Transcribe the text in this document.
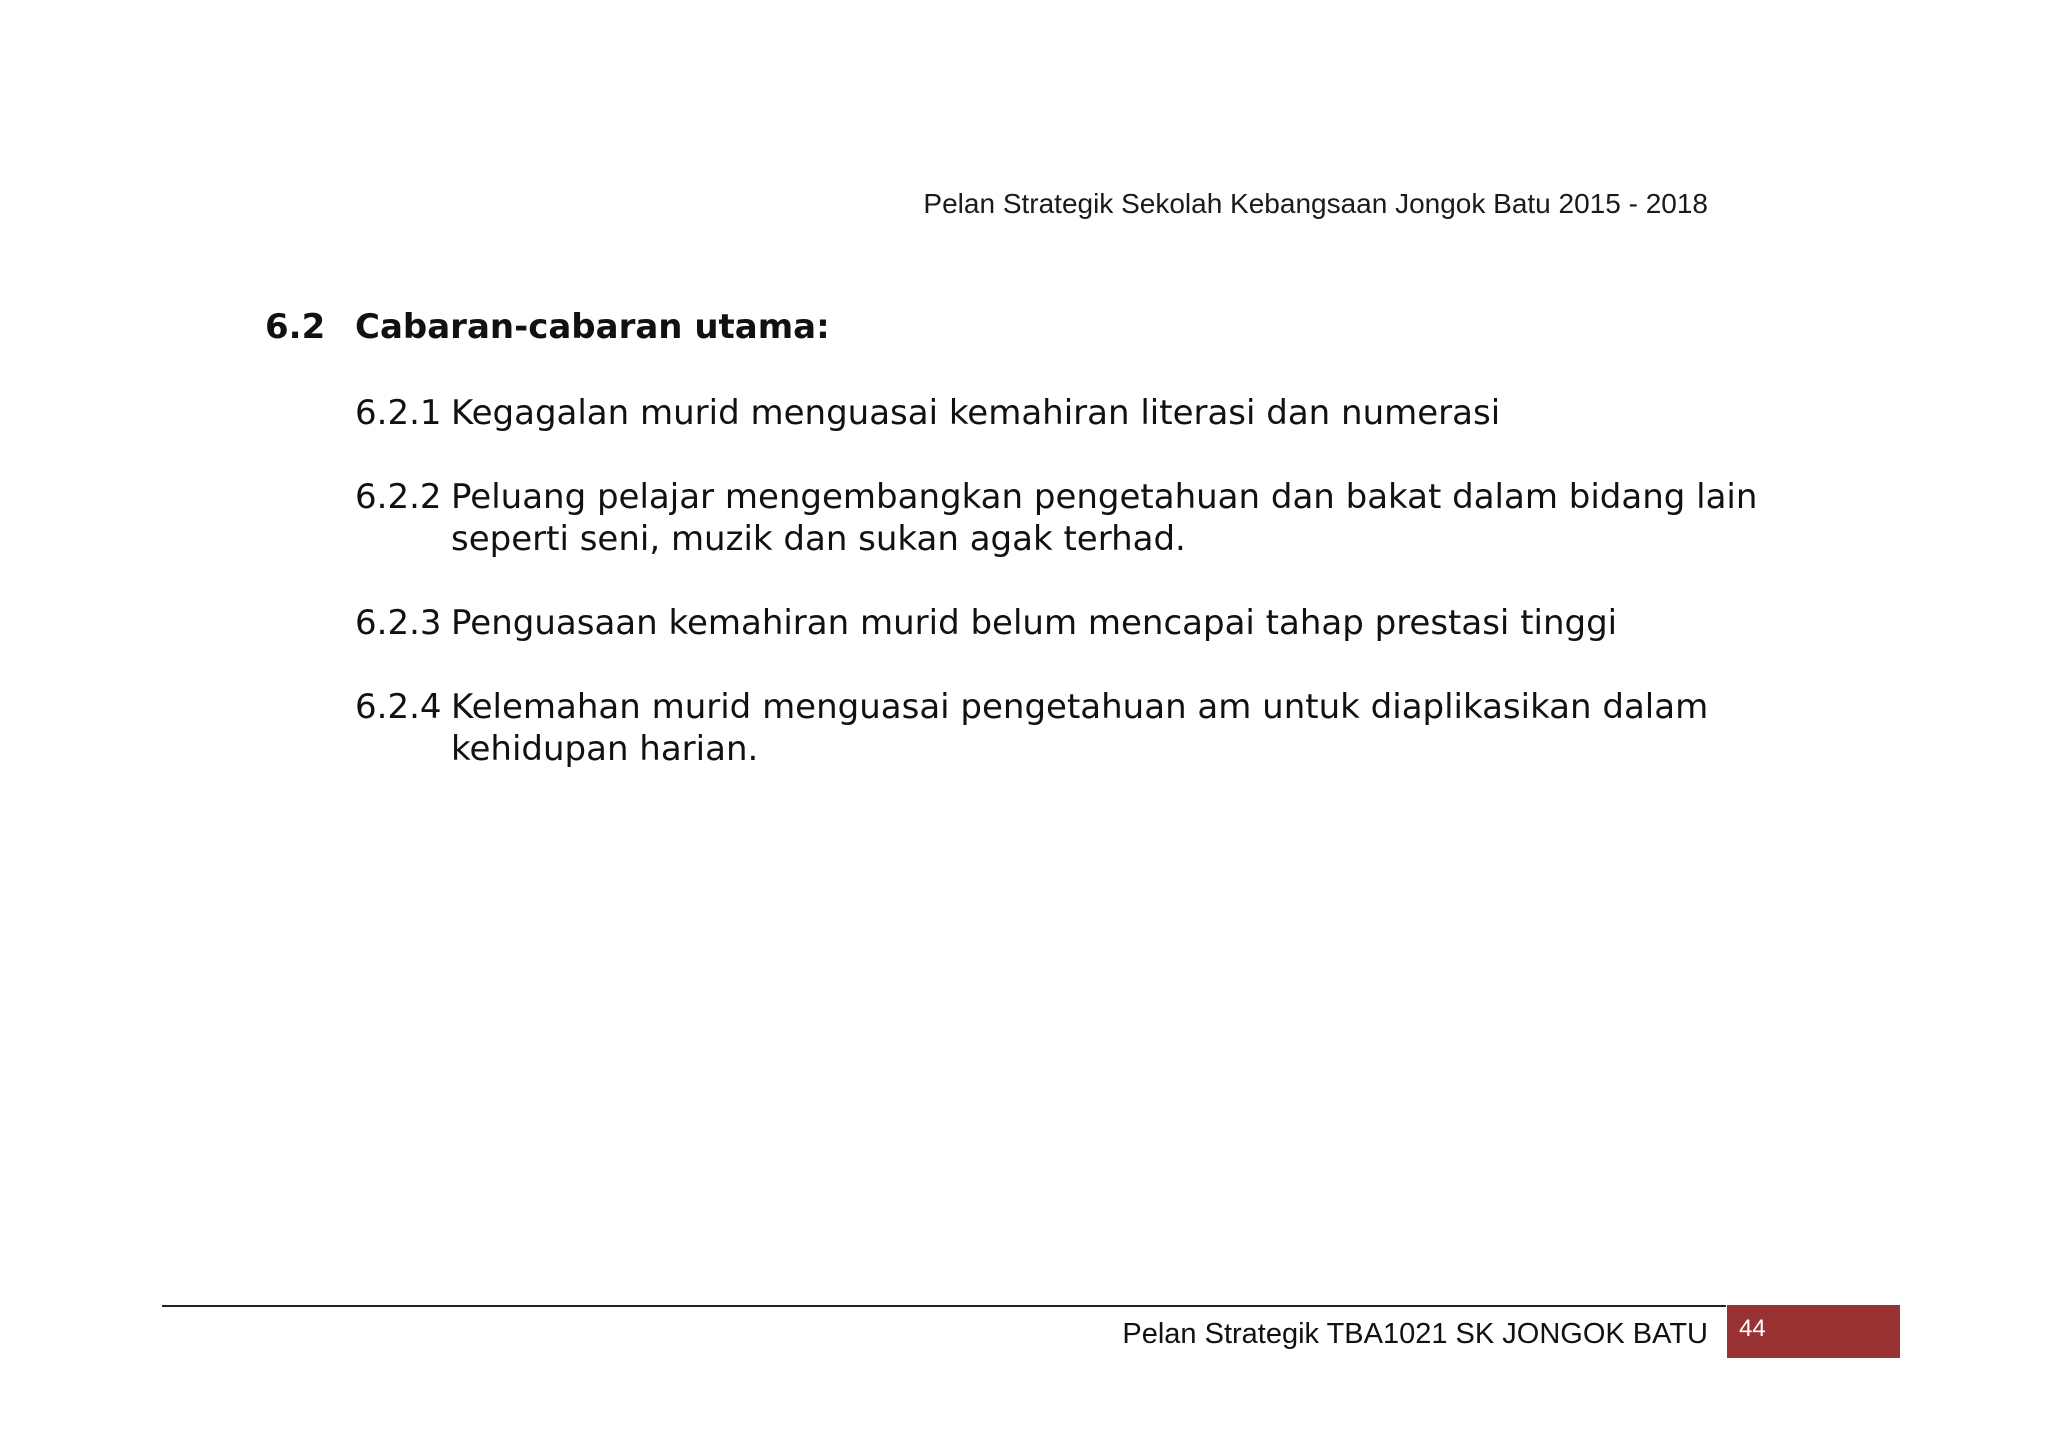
Pelan Strategik Sekolah Kebangsaan Jongok Batu 2015 - 2018
6.2 Cabaran-cabaran utama:
6.2.1 Kegagalan murid menguasai kemahiran literasi dan numerasi
6.2.2 Peluang pelajar mengembangkan pengetahuan dan bakat dalam bidang lain seperti seni, muzik dan sukan agak terhad.
6.2.3 Penguasaan kemahiran murid belum mencapai tahap prestasi tinggi
6.2.4 Kelemahan murid menguasai pengetahuan am untuk diaplikasikan dalam kehidupan harian.
Pelan Strategik TBA1021 SK JONGOK BATU 44
